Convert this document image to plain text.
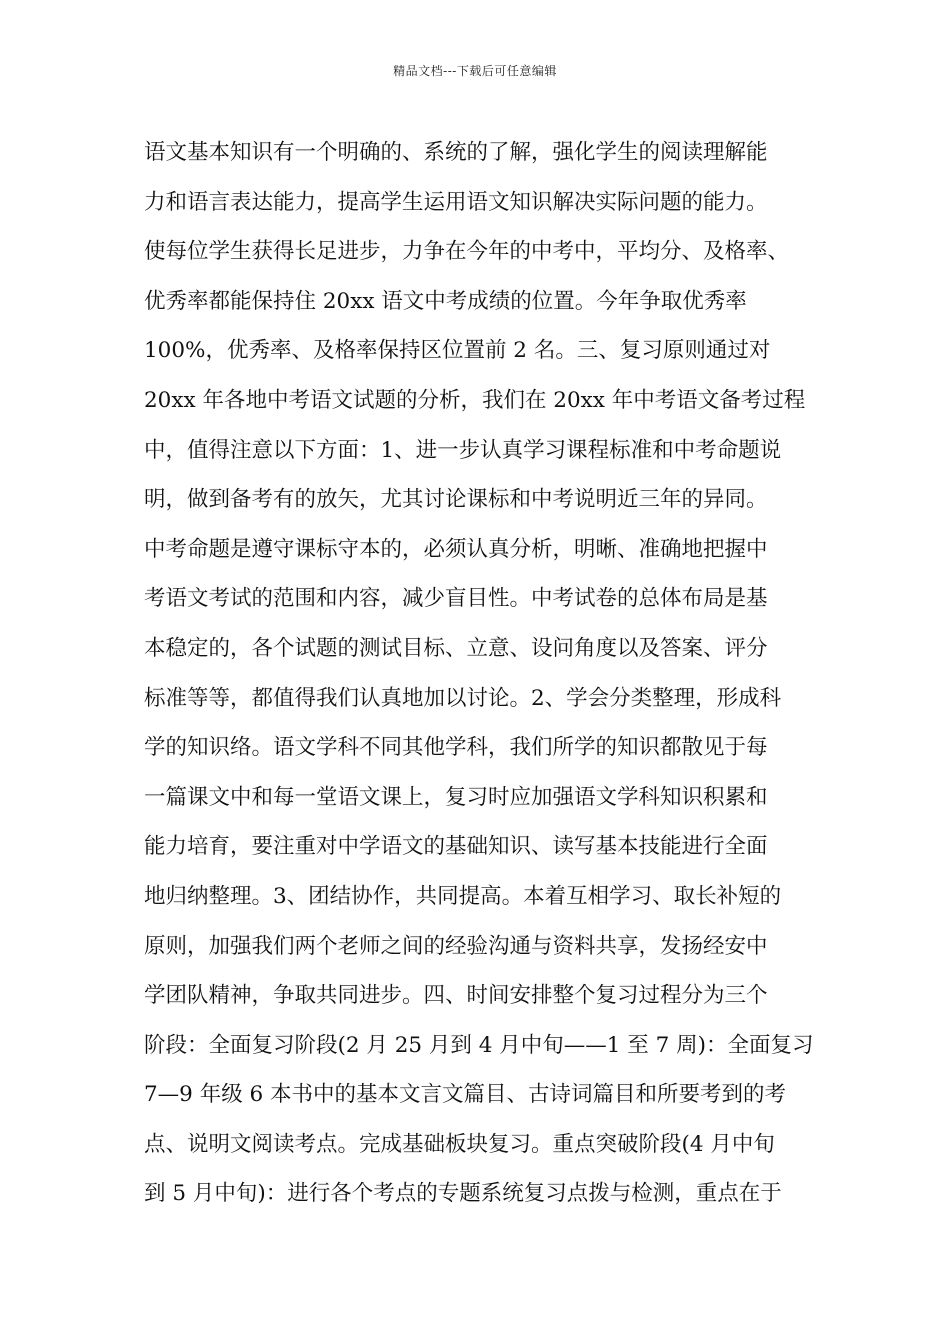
精品文档---下载后可任意编辑
语文基本知识有一个明确的、系统的了解，强化学生的阅读理解能
力和语言表达能力，提高学生运用语文知识解决实际问题的能力。
使每位学生获得长足进步，力争在今年的中考中，平均分、及格率、
优秀率都能保持住 20xx 语文中考成绩的位置。今年争取优秀率
100%，优秀率、及格率保持区位置前 2 名。三、复习原则通过对
20xx 年各地中考语文试题的分析，我们在 20xx 年中考语文备考过程
中，值得注意以下方面：1、进一步认真学习课程标准和中考命题说
明，做到备考有的放矢，尤其讨论课标和中考说明近三年的异同。
中考命题是遵守课标守本的，必须认真分析，明晰、准确地把握中
考语文考试的范围和内容，减少盲目性。中考试卷的总体布局是基
本稳定的，各个试题的测试目标、立意、设问角度以及答案、评分
标准等等，都值得我们认真地加以讨论。2、学会分类整理，形成科
学的知识络。语文学科不同其他学科，我们所学的知识都散见于每
一篇课文中和每一堂语文课上，复习时应加强语文学科知识积累和
能力培育，要注重对中学语文的基础知识、读写基本技能进行全面
地归纳整理。3、团结协作，共同提高。本着互相学习、取长补短的
原则，加强我们两个老师之间的经验沟通与资料共享，发扬经安中
学团队精神，争取共同进步。四、时间安排整个复习过程分为三个
阶段：全面复习阶段(2 月 25 月到 4 月中旬——1 至 7 周)：全面复习
7—9 年级 6 本书中的基本文言文篇目、古诗词篇目和所要考到的考
点、说明文阅读考点。完成基础板块复习。重点突破阶段(4 月中旬
到 5 月中旬)：进行各个考点的专题系统复习点拨与检测，重点在于
